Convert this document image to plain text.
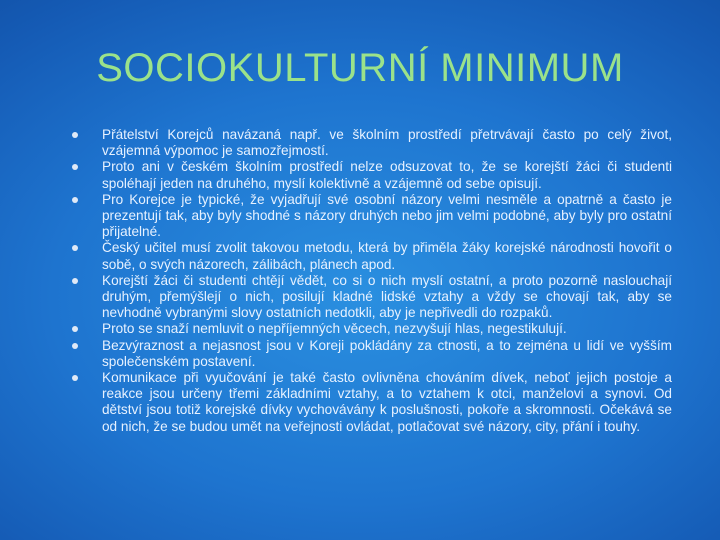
SOCIOKULTURNÍ MINIMUM
Přátelství Korejců navázaná např. ve školním prostředí přetrvávají často po celý život, vzájemná výpomoc je samozřejmostí.
Proto ani v českém školním prostředí nelze odsuzovat to, že se korejští žáci či studenti spoléhají jeden na druhého, myslí kolektivně a vzájemně od sebe opisují.
Pro Korejce je typické, že vyjadřují své osobní názory velmi nesměle a opatrně a často je prezentují tak, aby byly shodné s názory druhých nebo jim velmi podobné, aby byly pro ostatní přijatelné.
Český učitel musí zvolit takovou metodu, která by přiměla žáky korejské národnosti hovořit o sobě, o svých názorech, zálibách, plánech apod.
Korejští žáci či studenti chtějí vědět, co si o nich myslí ostatní, a proto pozorně naslouchají druhým, přemýšlejí o nich, posilují kladné lidské vztahy a vždy se chovají tak, aby se nevhodně vybranými slovy ostatních nedotkli, aby je nepřivedli do rozpaků.
Proto se snaží nemluvit o nepříjemných věcech, nezvyšují hlas, negestikulují.
Bezvýraznost a nejasnost jsou v Koreji pokládány za ctnosti, a to zejména u lidí ve vyšším společenském postavení.
Komunikace při vyučování je také často ovlivněna chováním dívek, neboť jejich postoje a reakce jsou určeny třemi základními vztahy, a to vztahem k otci, manželovi a synovi. Od dětství jsou totiž korejské dívky vychovávány k poslušnosti, pokoře a skromnosti. Očekává se od nich, že se budou umět na veřejnosti ovládat, potlačovat své názory, city, přání i touhy.
